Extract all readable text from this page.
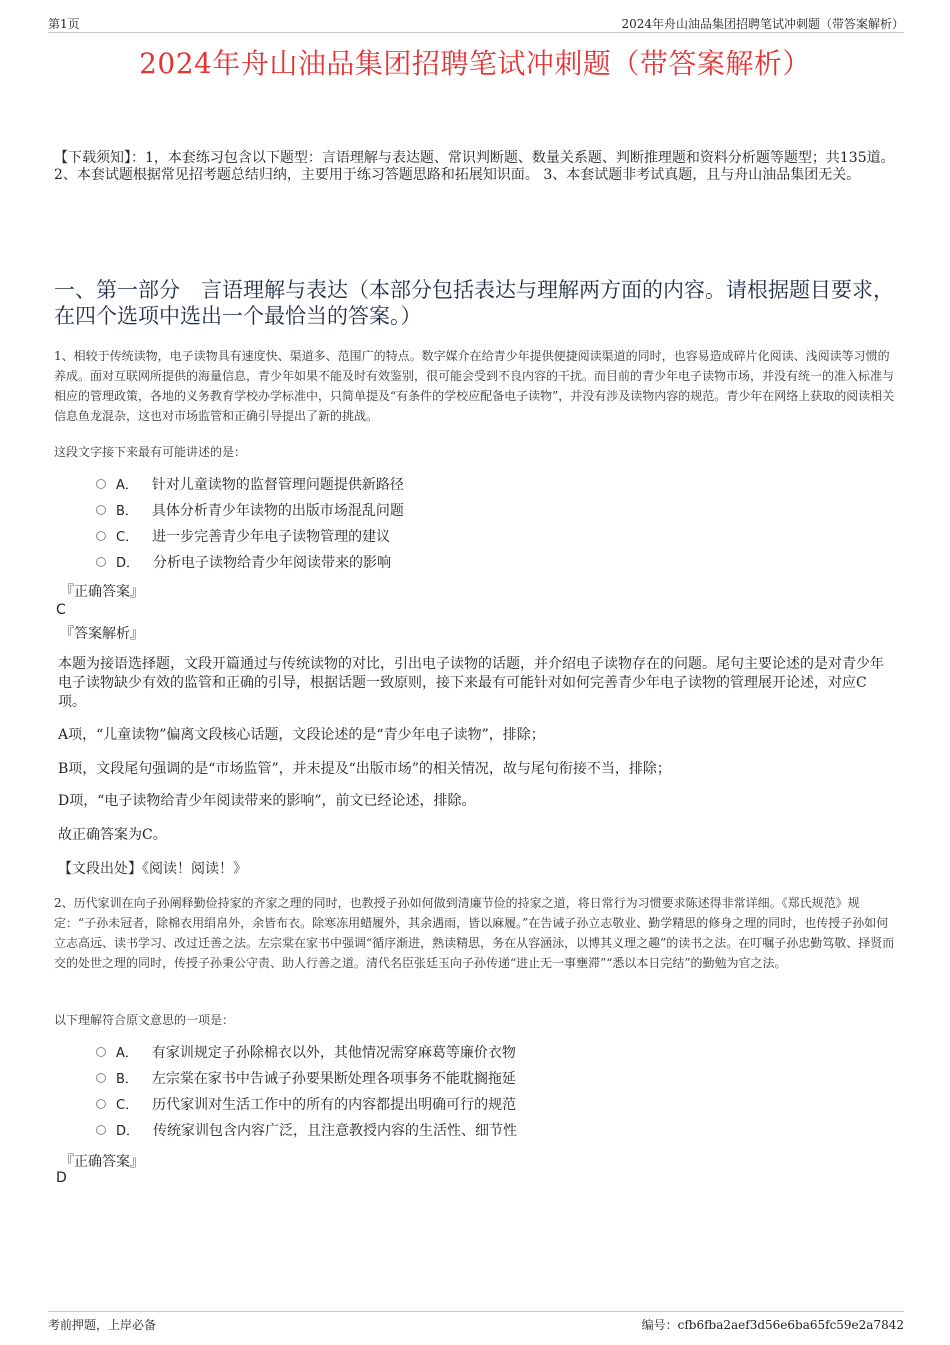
第1页	2024年舟山油品集团招聘笔试冲刺题（带答案解析）
2024年舟山油品集团招聘笔试冲刺题（带答案解析）
【下载须知】：1，本套练习包含以下题型：言语理解与表达题、常识判断题、数量关系题、判断推理题和资料分析题等题型；共135道。 2、本套试题根据常见招考题总结归纳，主要用于练习答题思路和拓展知识面。 3、本套试题非考试真题，且与舟山油品集团无关。
一、第一部分　言语理解与表达（本部分包括表达与理解两方面的内容。请根据题目要求，在四个选项中选出一个最恰当的答案。）
1、相较于传统读物，电子读物具有速度快、渠道多、范围广的特点。数字媒介在给青少年提供便捷阅读渠道的同时，也容易造成碎片化阅读、浅阅读等习惯的养成。面对互联网所提供的海量信息，青少年如果不能及时有效鉴别，很可能会受到不良内容的干扰。而目前的青少年电子读物市场，并没有统一的准入标准与相应的管理政策，各地的义务教育学校办学标准中，只简单提及“有条件的学校应配备电子读物”，并没有涉及读物内容的规范。青少年在网络上获取的阅读相关信息鱼龙混杂，这也对市场监管和正确引导提出了新的挑战。
这段文字接下来最有可能讲述的是：
A． 针对儿童读物的监督管理问题提供新路径
B． 具体分析青少年读物的出版市场混乱问题
C． 进一步完善青少年电子读物管理的建议
D． 分析电子读物给青少年阅读带来的影响
『正确答案』
C
『答案解析』
本题为接语选择题，文段开篇通过与传统读物的对比，引出电子读物的话题，并介绍电子读物存在的问题。尾句主要论述的是对青少年电子读物缺少有效的监管和正确的引导，根据话题一致原则，接下来最有可能针对如何完善青少年电子读物的管理展开论述，对应C项。
A项，“儿童读物”偏离文段核心话题，文段论述的是“青少年电子读物”，排除；
B项，文段尾句强调的是“市场监管”，并未提及“出版市场”的相关情况，故与尾句衔接不当，排除；
D项，“电子读物给青少年阅读带来的影响”，前文已经论述，排除。
故正确答案为C。
【文段出处】《阅读！阅读！》
2、历代家训在向子孙阐释勤俭持家的齐家之理的同时，也教授子孙如何做到清廉节俭的持家之道，将日常行为习惯要求陈述得非常详细。《郑氏规范》规定：“子孙未冠者，除棉衣用绢帛外，余皆布衣。除寒冻用蜡履外，其余遇雨，皆以麻履。”在告诫子孙立志敬业、勤学精思的修身之理的同时，也传授子孙如何立志高远、读书学习、改过迁善之法。左宗棠在家书中强调“循序渐进，熟读精思，务在从容涵泳，以博其义理之趣”的读书之法。在叮嘱子孙忠勤笃敬、择贤而交的处世之理的同时，传授子孙秉公守责、助人行善之道。清代名臣张廷玉向子孙传递“进止无一事壅滞”“悉以本日完结”的勤勉为官之法。
以下理解符合原文意思的一项是：
A． 有家训规定子孙除棉衣以外，其他情况需穿麻葛等廉价衣物
B． 左宗棠在家书中告诫子孙要果断处理各项事务不能耽搁拖延
C． 历代家训对生活工作中的所有的内容都提出明确可行的规范
D． 传统家训包含内容广泛，且注意教授内容的生活性、细节性
『正确答案』
D
考前押题，上岸必备	编号：cfb6fba2aef3d56e6ba65fc59e2a7842
